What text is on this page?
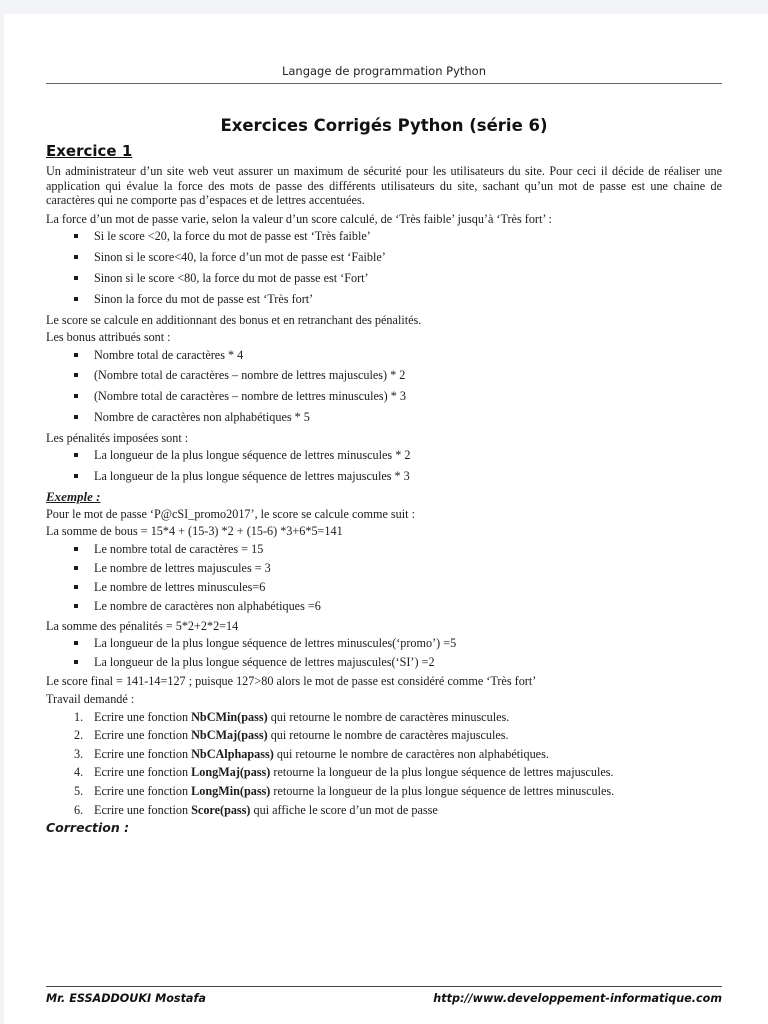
Langage de programmation Python
Exercices Corrigés Python (série 6)
Exercice 1

Un administrateur d’un site web veut assurer un maximum de sécurité pour les utilisateurs du site. Pour ceci il décide de réaliser une application qui évalue la force des mots de passe des différents utilisateurs du site, sachant qu’un mot de passe est une chaine de caractères qui ne comporte pas d’espaces et de lettres accentuées.

La force d’un mot de passe varie, selon la valeur d’un score calculé, de ‘Très faible’ jusqu’à ‘Très fort’ :

Si le score <20, la force du mot de passe est ‘Très faible’
Sinon si le score<40, la force d’un mot de passe est ‘Faible’
Sinon si le score <80, la force du mot de passe est ‘Fort’
Sinon la force du mot de passe est ‘Très fort’

Le score se calcule en additionnant des bonus et en retranchant des pénalités.

Les bonus attribués sont :

Nombre total de caractères * 4
(Nombre total de caractères – nombre de lettres majuscules) * 2
(Nombre total de caractères – nombre de lettres minuscules) * 3
Nombre de caractères non alphabétiques * 5

Les pénalités imposées sont :

La longueur de la plus longue séquence de lettres minuscules * 2
La longueur de la plus longue séquence de lettres majuscules * 3

Exemple :

Pour le mot de passe ‘P@cSI_promo2017’, le score se calcule comme suit :

La somme de bous = 15*4 + (15-3) *2 + (15-6) *3+6*5=141

Le nombre total de caractères = 15
Le nombre de lettres majuscules = 3
Le nombre de lettres minuscules=6
Le nombre de caractères non alphabétiques =6

La somme des pénalités = 5*2+2*2=14

La longueur de la plus longue séquence de lettres minuscules(‘promo’) =5
La longueur de la plus longue séquence de lettres majuscules(‘SI’) =2

Le score final = 141-14=127 ; puisque 127>80 alors le mot de passe est considéré comme ‘Très fort’

Travail demandé :

1. Ecrire une fonction NbCMin(pass) qui retourne le nombre de caractères minuscules.
2. Ecrire une fonction NbCMaj(pass) qui retourne le nombre de caractères majuscules.
3. Ecrire une fonction NbCAlphapass) qui retourne le nombre de caractères non alphabétiques.
4. Ecrire une fonction LongMaj(pass) retourne la longueur de la plus longue séquence de lettres majuscules.
5. Ecrire une fonction LongMin(pass) retourne la longueur de la plus longue séquence de lettres minuscules.
6. Ecrire une fonction Score(pass) qui affiche le score d’un mot de passe

Correction :

Mr. ESSADDOUKI Mostafa	http://www.developpement-informatique.com
